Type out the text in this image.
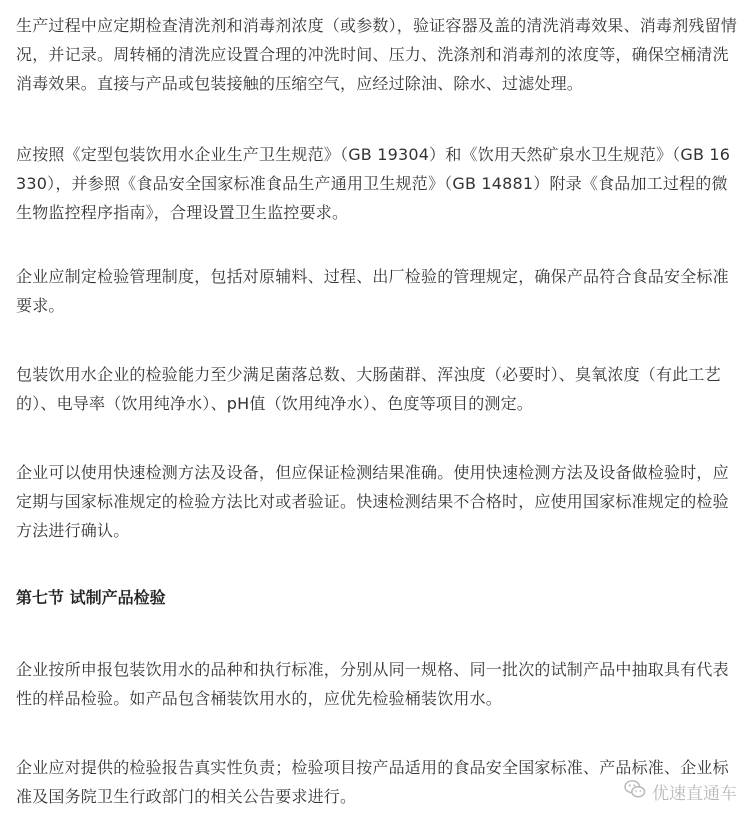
生产过程中应定期检查清洗剂和消毒剂浓度（或参数），验证容器及盖的清洗消毒效果、消毒剂残留情况，并记录。周转桶的清洗应设置合理的冲洗时间、压力、洗涤剂和消毒剂的浓度等，确保空桶清洗消毒效果。直接与产品或包装接触的压缩空气，应经过除油、除水、过滤处理。

应按照《定型包装饮用水企业生产卫生规范》（GB 19304）和《饮用天然矿泉水卫生规范》（GB 16330），并参照《食品安全国家标准食品生产通用卫生规范》（GB 14881）附录《食品加工过程的微生物监控程序指南》，合理设置卫生监控要求。

企业应制定检验管理制度，包括对原辅料、过程、出厂检验的管理规定，确保产品符合食品安全标准要求。

包装饮用水企业的检验能力至少满足菌落总数、大肠菌群、浑浊度（必要时）、臭氧浓度（有此工艺的）、电导率（饮用纯净水）、pH值（饮用纯净水）、色度等项目的测定。

企业可以使用快速检测方法及设备，但应保证检测结果准确。使用快速检测方法及设备做检验时，应定期与国家标准规定的检验方法比对或者验证。快速检测结果不合格时，应使用国家标准规定的检验方法进行确认。

第七节 试制产品检验

企业按所申报包装饮用水的品种和执行标准，分别从同一规格、同一批次的试制产品中抽取具有代表性的样品检验。如产品包含桶装饮用水的，应优先检验桶装饮用水。

企业应对提供的检验报告真实性负责；检验项目按产品适用的食品安全国家标准、产品标准、企业标准及国务院卫生行政部门的相关公告要求进行。	优速直通车
